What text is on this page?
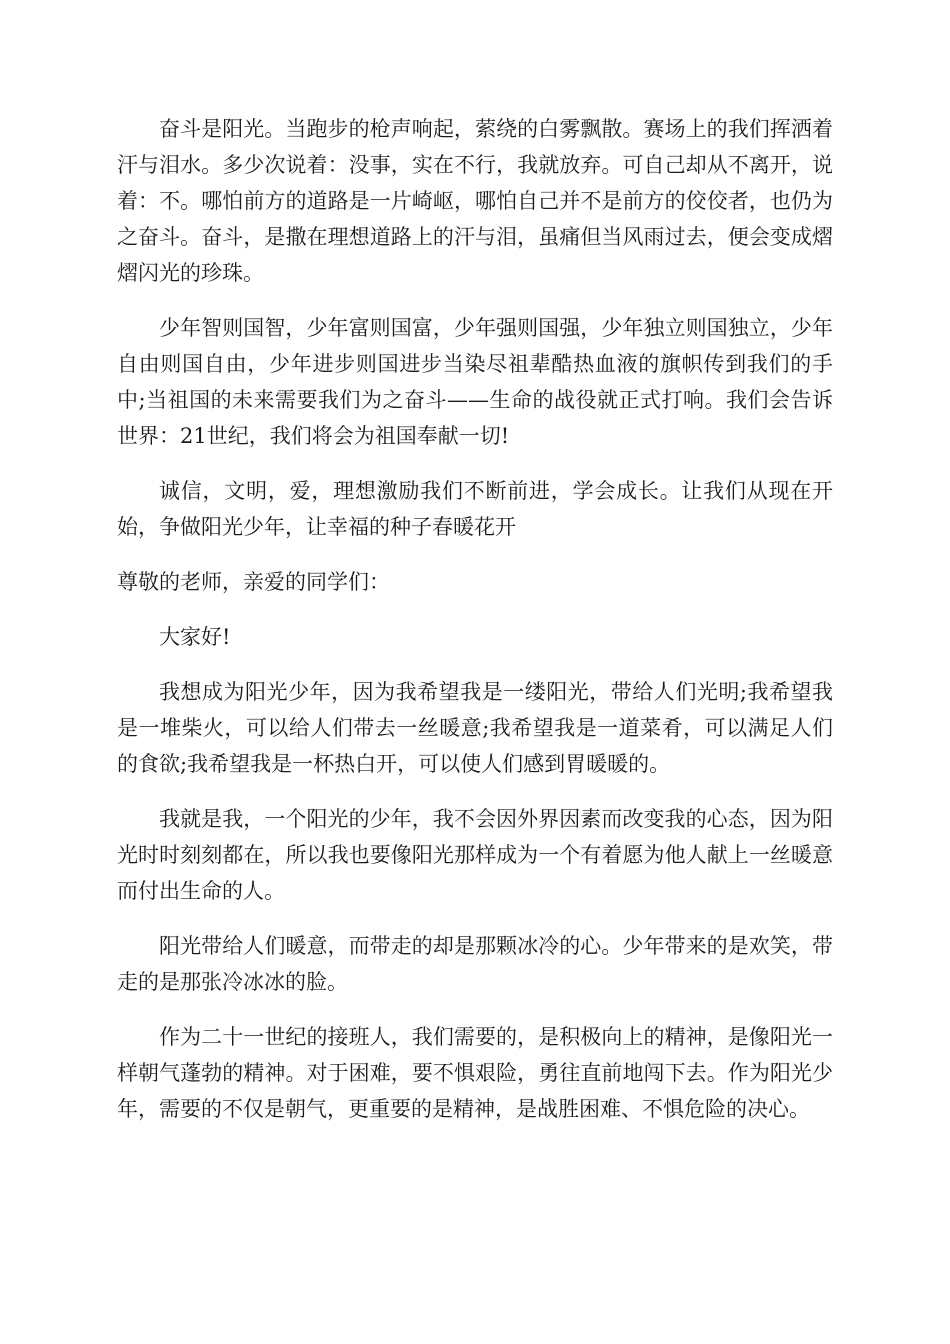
奋斗是阳光。当跑步的枪声响起，萦绕的白雾飘散。赛场上的我们挥洒着汗与泪水。多少次说着：没事，实在不行，我就放弃。可自己却从不离开，说着：不。哪怕前方的道路是一片崎岖，哪怕自己并不是前方的佼佼者，也仍为之奋斗。奋斗，是撒在理想道路上的汗与泪，虽痛但当风雨过去，便会变成熠熠闪光的珍珠。

少年智则国智，少年富则国富，少年强则国强，少年独立则国独立，少年自由则国自由，少年进步则国进步当染尽祖辈酷热血液的旗帜传到我们的手中;当祖国的未来需要我们为之奋斗——生命的战役就正式打响。我们会告诉世界：21世纪，我们将会为祖国奉献一切!

诚信，文明，爱，理想激励我们不断前进，学会成长。让我们从现在开始，争做阳光少年，让幸福的种子春暖花开

尊敬的老师，亲爱的同学们：

大家好!

我想成为阳光少年，因为我希望我是一缕阳光，带给人们光明;我希望我是一堆柴火，可以给人们带去一丝暖意;我希望我是一道菜肴，可以满足人们的食欲;我希望我是一杯热白开，可以使人们感到胃暖暖的。

我就是我，一个阳光的少年，我不会因外界因素而改变我的心态，因为阳光时时刻刻都在，所以我也要像阳光那样成为一个有着愿为他人献上一丝暖意而付出生命的人。

阳光带给人们暖意，而带走的却是那颗冰冷的心。少年带来的是欢笑，带走的是那张冷冰冰的脸。

作为二十一世纪的接班人，我们需要的，是积极向上的精神，是像阳光一样朝气蓬勃的精神。对于困难，要不惧艰险，勇往直前地闯下去。作为阳光少年，需要的不仅是朝气，更重要的是精神，是战胜困难、不惧危险的决心。
